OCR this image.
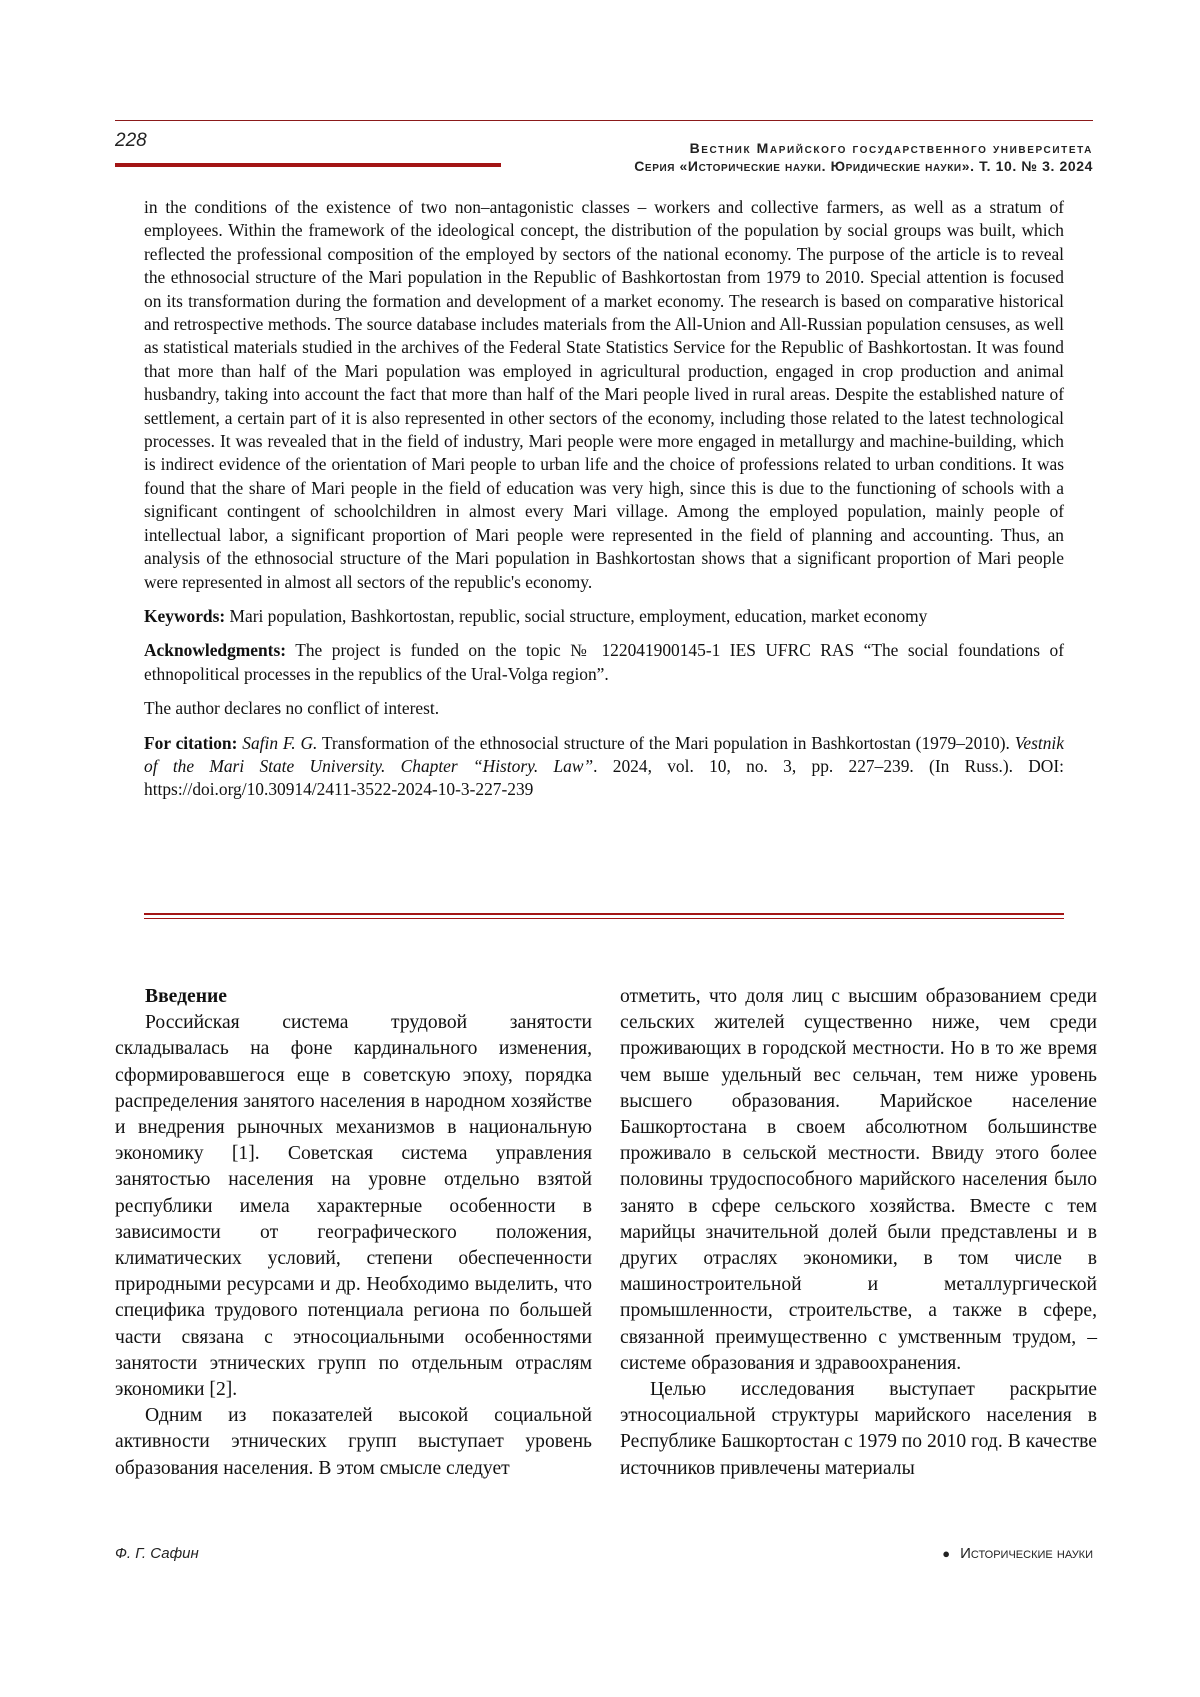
228	Вестник Марийского государственного университета
Серия «Исторические науки. Юридические науки». Т. 10. № 3. 2024

in the conditions of the existence of two non–antagonistic classes – workers and collective farmers, as well as a stratum of employees. Within the framework of the ideological concept, the distribution of the population by social groups was built, which reflected the professional composition of the employed by sectors of the national economy. The purpose of the article is to reveal the ethnosocial structure of the Mari population in the Republic of Bashkortostan from 1979 to 2010. Special attention is focused on its transformation during the formation and development of a market economy. The research is based on comparative historical and retrospective methods. The source database includes materials from the All-Union and All-Russian population censuses, as well as statistical materials studied in the archives of the Federal State Statistics Service for the Republic of Bashkortostan. It was found that more than half of the Mari population was employed in agricultural production, engaged in crop production and animal husbandry, taking into account the fact that more than half of the Mari people lived in rural areas. Despite the established nature of settlement, a certain part of it is also represented in other sectors of the economy, including those related to the latest technological processes. It was revealed that in the field of industry, Mari people were more engaged in metallurgy and machine-building, which is indirect evidence of the orientation of Mari people to urban life and the choice of professions related to urban conditions. It was found that the share of Mari people in the field of education was very high, since this is due to the functioning of schools with a significant contingent of schoolchildren in almost every Mari village. Among the employed population, mainly people of intellectual labor, a significant proportion of Mari people were represented in the field of planning and accounting. Thus, an analysis of the ethnosocial structure of the Mari population in Bashkortostan shows that a significant proportion of Mari people were represented in almost all sectors of the republic's economy.

Keywords: Mari population, Bashkortostan, republic, social structure, employment, education, market economy

Acknowledgments: The project is funded on the topic № 122041900145-1 IES UFRC RAS “The social foundations of ethnopolitical processes in the republics of the Ural-Volga region”.

The author declares no conflict of interest.

For citation: Safin F. G. Transformation of the ethnosocial structure of the Mari population in Bashkortostan (1979–2010). Vestnik of the Mari State University. Chapter “History. Law”. 2024, vol. 10, no. 3, pp. 227–239. (In Russ.). DOI: https://doi.org/10.30914/2411-3522-2024-10-3-227-239

Введение

Российская система трудовой занятости складывалась на фоне кардинального изменения, сформировавшегося еще в советскую эпоху, порядка распределения занятого населения в народном хозяйстве и внедрения рыночных механизмов в национальную экономику [1]. Советская система управления занятостью населения на уровне отдельно взятой республики имела характерные особенности в зависимости от географического положения, климатических условий, степени обеспеченности природными ресурсами и др. Необходимо выделить, что специфика трудового потенциала региона по большей части связана с этносоциальными особенностями занятости этнических групп по отдельным отраслям экономики [2].

Одним из показателей высокой социальной активности этнических групп выступает уровень образования населения. В этом смысле следует

отметить, что доля лиц с высшим образованием среди сельских жителей существенно ниже, чем среди проживающих в городской местности. Но в то же время чем выше удельный вес сельчан, тем ниже уровень высшего образования. Марийское население Башкортостана в своем абсолютном большинстве проживало в сельской местности. Ввиду этого более половины трудоспособного марийского населения было занято в сфере сельского хозяйства. Вместе с тем марийцы значительной долей были представлены и в других отраслях экономики, в том числе в машиностроительной и металлургической промышленности, строительстве, а также в сфере, связанной преимущественно с умственным трудом, – системе образования и здравоохранения.

Целью исследования выступает раскрытие этносоциальной структуры марийского населения в Республике Башкортостан с 1979 по 2010 год. В качестве источников привлечены материалы

Ф. Г. Сафин	● Исторические науки
